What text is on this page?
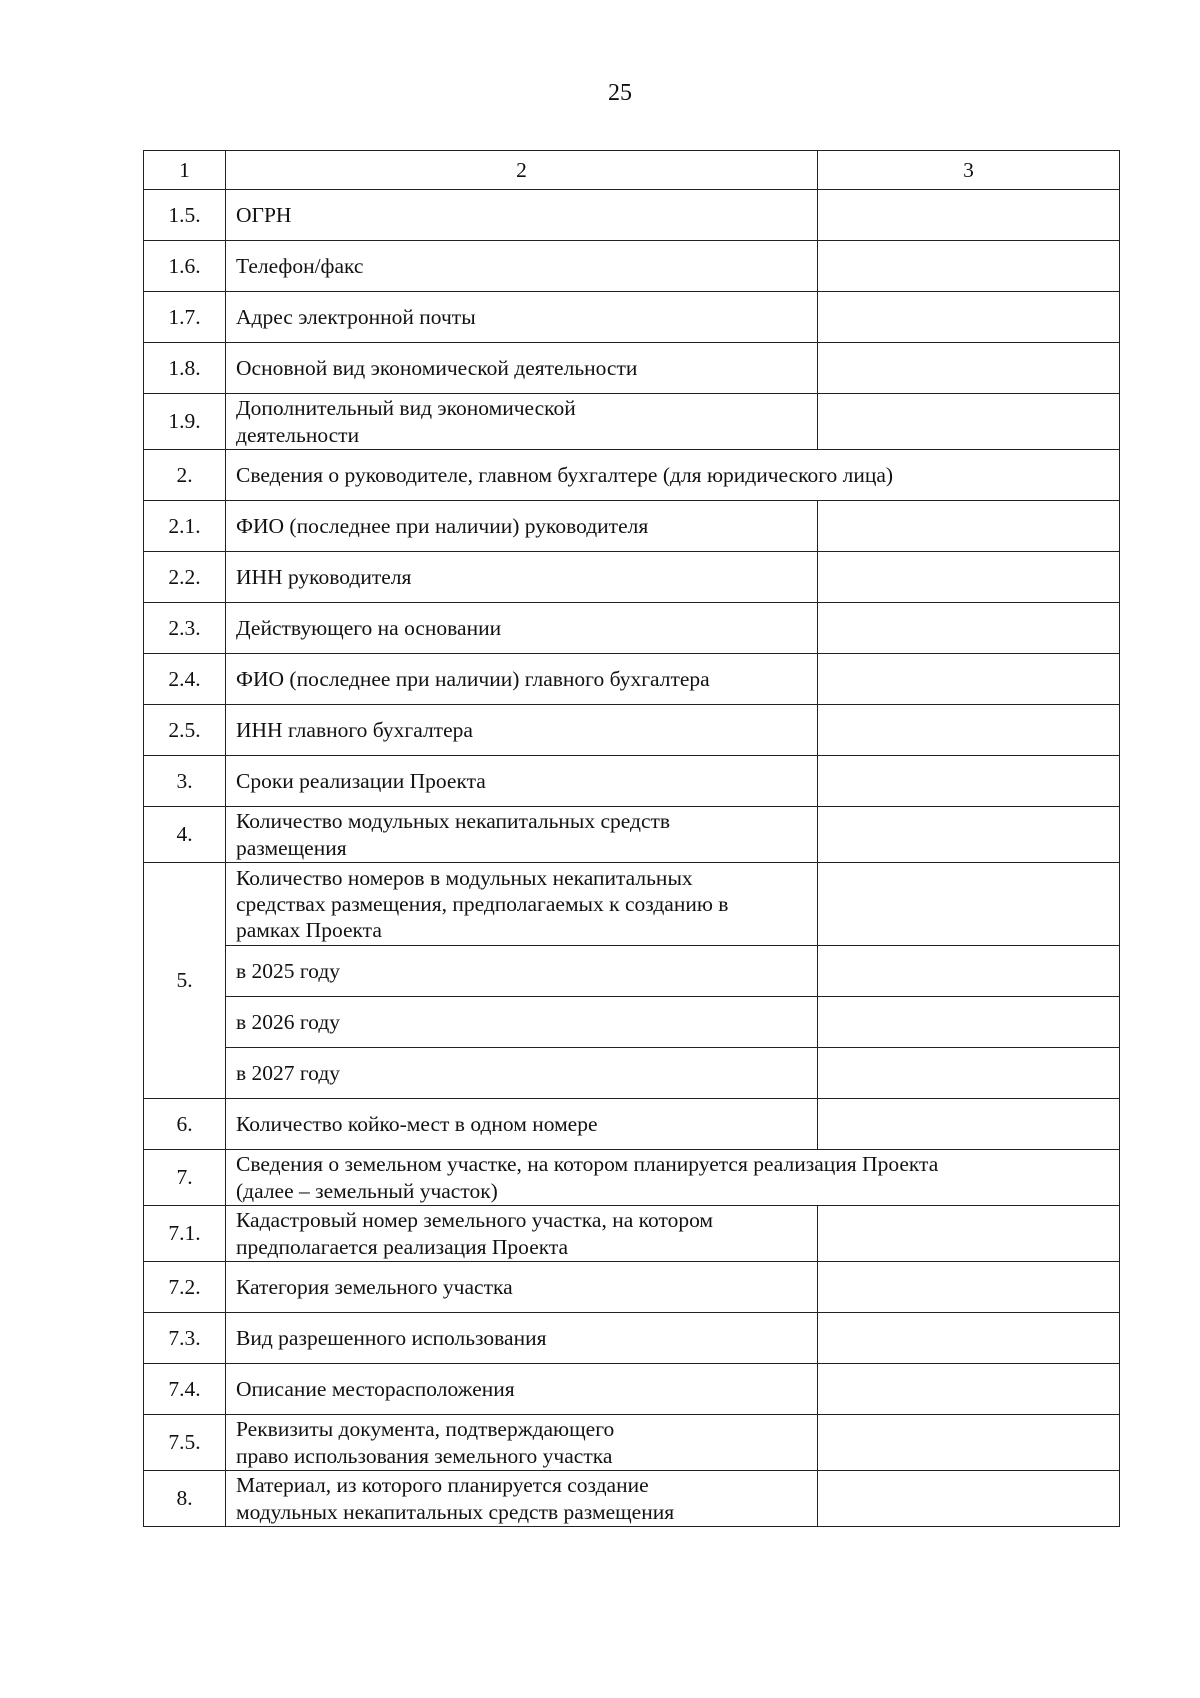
25
1	2	3
1.5.	ОГРН	
1.6.	Телефон/факс	
1.7.	Адрес электронной почты	
1.8.	Основной вид экономической деятельности	
1.9.	Дополнительный вид экономической
деятельности	
2.	Сведения о руководителе, главном бухгалтере (для юридического лица)	
2.1.	ФИО (последнее при наличии) руководителя	
2.2.	ИНН руководителя	
2.3.	Действующего на основании	
2.4.	ФИО (последнее при наличии) главного бухгалтера	
2.5.	ИНН главного бухгалтера	
3.	Сроки реализации Проекта	
4.	Количество модульных некапитальных средств
размещения	
5.	Количество номеров в модульных некапитальных
средствах размещения, предполагаемых к созданию в
рамках Проекта	
	в 2025 году	
	в 2026 году	
	в 2027 году	
6.	Количество койко-мест в одном номере	
7.	Сведения о земельном участке, на котором планируется реализация Проекта
(далее – земельный участок)	
7.1.	Кадастровый номер земельного участка, на котором
предполагается реализация Проекта	
7.2.	Категория земельного участка	
7.3.	Вид разрешенного использования	
7.4.	Описание месторасположения	
7.5.	Реквизиты документа, подтверждающего
право использования земельного участка	
8.	Материал, из которого планируется создание
модульных некапитальных средств размещения	
